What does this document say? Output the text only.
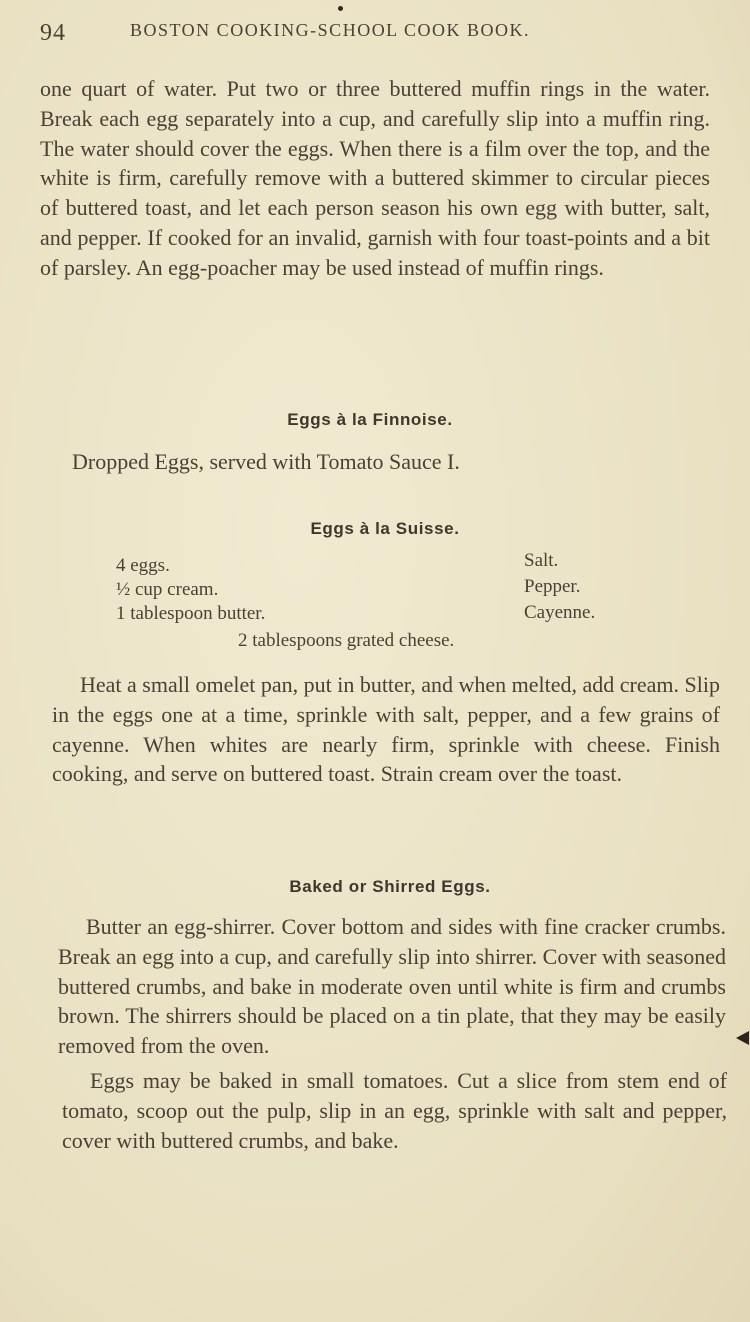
94	BOSTON COOKING-SCHOOL COOK BOOK.

one quart of water. Put two or three buttered muffin rings in the water. Break each egg separately into a cup, and carefully slip into a muffin ring. The water should cover the eggs. When there is a film over the top, and the white is firm, carefully remove with a buttered skimmer to circular pieces of buttered toast, and let each person season his own egg with butter, salt, and pepper. If cooked for an invalid, garnish with four toast-points and a bit of parsley. An egg-poacher may be used instead of muffin rings.

Eggs à la Finnoise.

Dropped Eggs, served with Tomato Sauce I.

Eggs à la Suisse.
4 eggs.
½ cup cream.
1 tablespoon butter.
Salt.
Pepper.
Cayenne.
2 tablespoons grated cheese.

Heat a small omelet pan, put in butter, and when melted, add cream. Slip in the eggs one at a time, sprinkle with salt, pepper, and a few grains of cayenne. When whites are nearly firm, sprinkle with cheese. Finish cooking, and serve on buttered toast. Strain cream over the toast.

Baked or Shirred Eggs.

Butter an egg-shirrer. Cover bottom and sides with fine cracker crumbs. Break an egg into a cup, and carefully slip into shirrer. Cover with seasoned buttered crumbs, and bake in moderate oven until white is firm and crumbs brown. The shirrers should be placed on a tin plate, that they may be easily removed from the oven.

Eggs may be baked in small tomatoes. Cut a slice from stem end of tomato, scoop out the pulp, slip in an egg, sprinkle with salt and pepper, cover with buttered crumbs, and bake.
